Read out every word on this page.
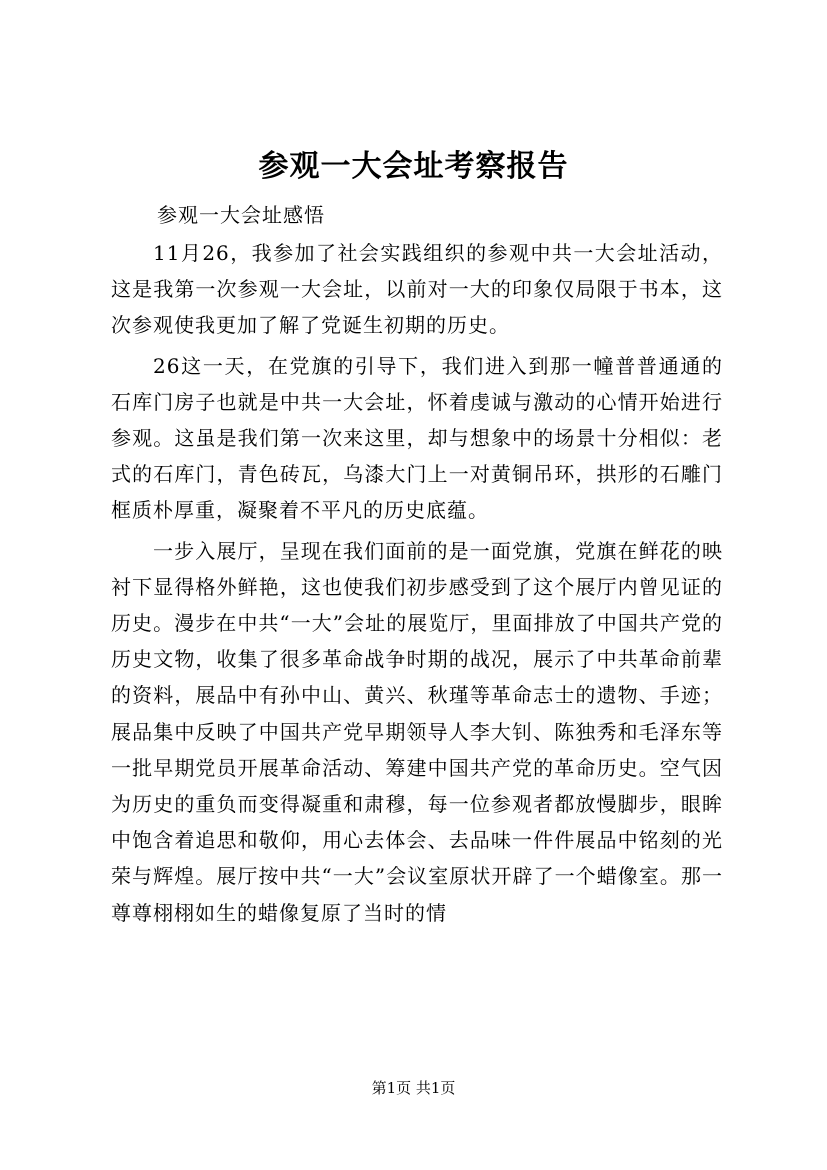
参观一大会址考察报告

参观一大会址感悟

11月26，我参加了社会实践组织的参观中共一大会址活动，这是我第一次参观一大会址，以前对一大的印象仅局限于书本，这次参观使我更加了解了党诞生初期的历史。

26这一天，在党旗的引导下，我们进入到那一幢普普通通的石库门房子也就是中共一大会址，怀着虔诚与激动的心情开始进行参观。这虽是我们第一次来这里，却与想象中的场景十分相似：老式的石库门，青色砖瓦，乌漆大门上一对黄铜吊环，拱形的石雕门框质朴厚重，凝聚着不平凡的历史底蕴。

一步入展厅，呈现在我们面前的是一面党旗，党旗在鲜花的映衬下显得格外鲜艳，这也使我们初步感受到了这个展厅内曾见证的历史。漫步在中共“一大”会址的展览厅，里面排放了中国共产党的历史文物，收集了很多革命战争时期的战况，展示了中共革命前辈的资料，展品中有孙中山、黄兴、秋瑾等革命志士的遗物、手迹；展品集中反映了中国共产党早期领导人李大钊、陈独秀和毛泽东等一批早期党员开展革命活动、筹建中国共产党的革命历史。空气因为历史的重负而变得凝重和肃穆，每一位参观者都放慢脚步，眼眸中饱含着追思和敬仰，用心去体会、去品味一件件展品中铭刻的光荣与辉煌。展厅按中共“一大”会议室原状开辟了一个蜡像室。那一尊尊栩栩如生的蜡像复原了当时的情

第1页 共1页
